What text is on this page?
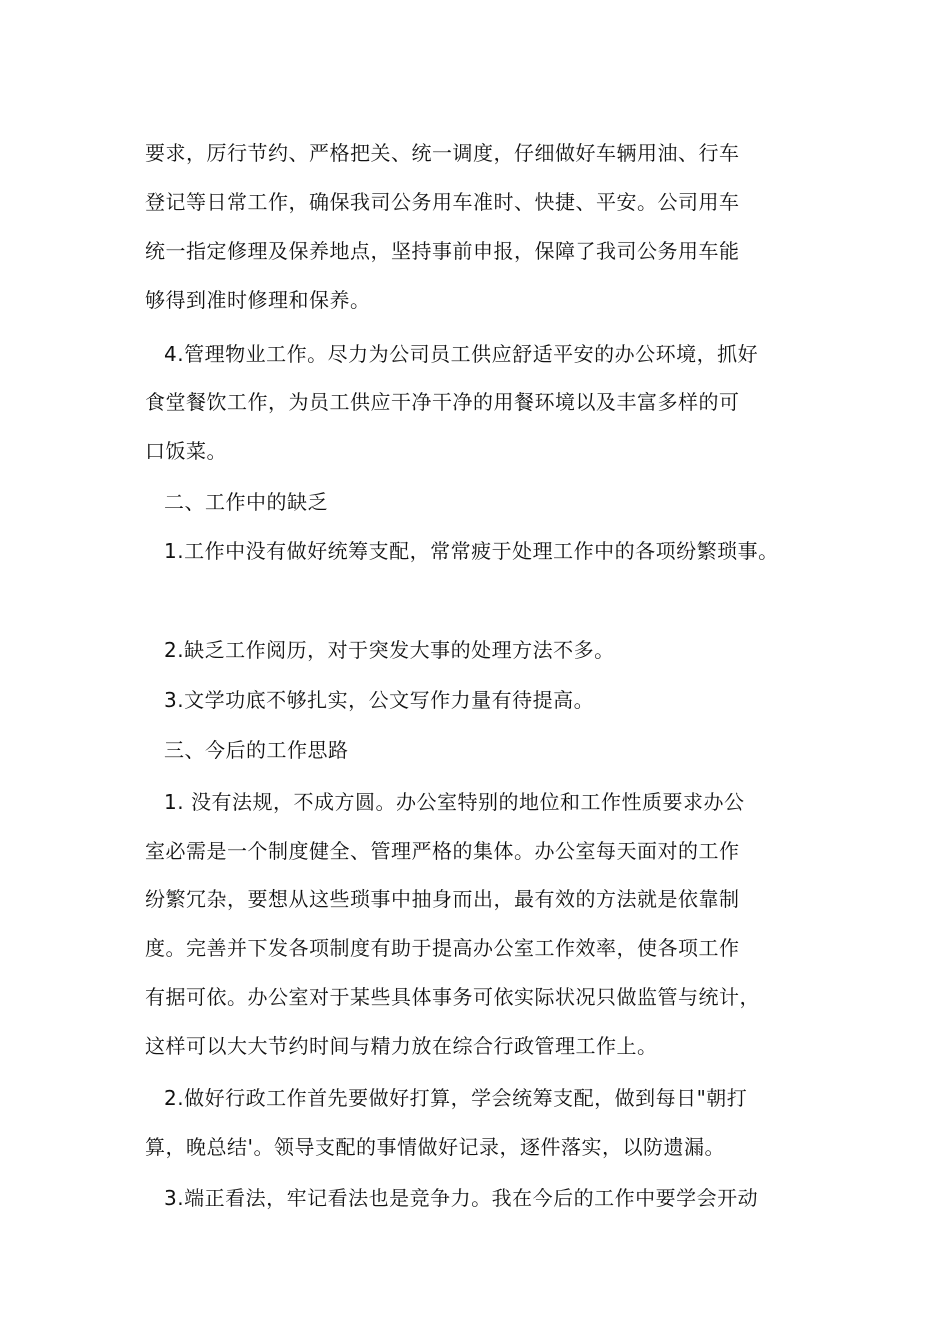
要求，厉行节约、严格把关、统一调度，仔细做好车辆用油、行车
登记等日常工作，确保我司公务用车准时、快捷、平安。公司用车
统一指定修理及保养地点，坚持事前申报，保障了我司公务用车能
够得到准时修理和保养。
4.管理物业工作。尽力为公司员工供应舒适平安的办公环境，抓好
食堂餐饮工作，为员工供应干净干净的用餐环境以及丰富多样的可
口饭菜。
二、工作中的缺乏
1.工作中没有做好统筹支配，常常疲于处理工作中的各项纷繁琐事。
2.缺乏工作阅历，对于突发大事的处理方法不多。
3.文学功底不够扎实，公文写作力量有待提高。
三、今后的工作思路
1. 没有法规，不成方圆。办公室特别的地位和工作性质要求办公
室必需是一个制度健全、管理严格的集体。办公室每天面对的工作
纷繁冗杂，要想从这些琐事中抽身而出，最有效的方法就是依靠制
度。完善并下发各项制度有助于提高办公室工作效率，使各项工作
有据可依。办公室对于某些具体事务可依实际状况只做监管与统计，
这样可以大大节约时间与精力放在综合行政管理工作上。
2.做好行政工作首先要做好打算，学会统筹支配，做到每日"朝打
算，晚总结'。领导支配的事情做好记录，逐件落实，以防遗漏。
3.端正看法，牢记看法也是竞争力。我在今后的工作中要学会开动
